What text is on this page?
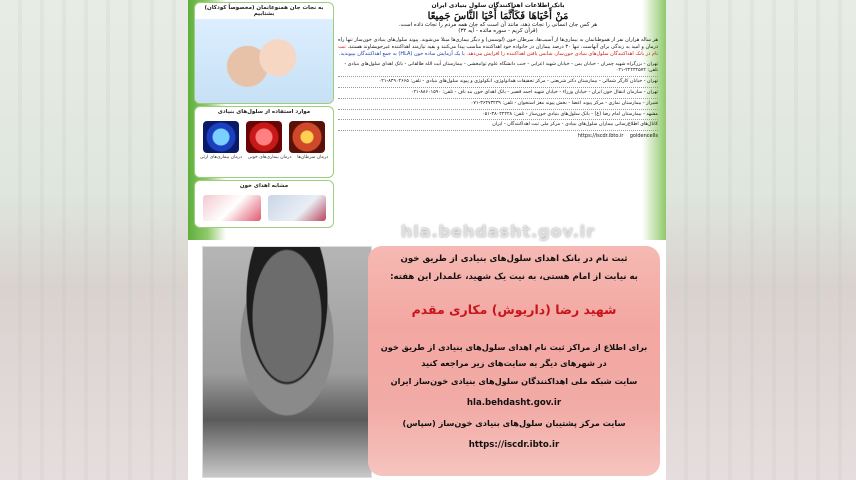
به نجات جان همنوعانمان (مخصوصاً کودکان) بشتابیم
موارد استفاده از سلول‌های بنیادی
درمان سرطان‌ها
درمان بیماری‌های خونی
درمان بیماری‌های ارثی
مشابه اهدای خون
بانک اطلاعات اهداکنندگان سلول بنیادی ایران
مَنْ أَحْيَاهَا فَكَأَنَّمَا أَحْيَا النَّاسَ جَمِيعًا
هر کس جان انسانی را نجات دهد، مانند آن است که جان همه مردم را نجات داده است.
(قرآن کریم - سوره مائده - آیه ۳۲)
هر ساله هزاران نفر از هموطنانمان به بیماری‌ها از آسیب‌ها، سرطان خون (لوسمی) و دیگر بیماری‌ها مبتلا می‌شوند. پیوند سلول‌های بنیادی خون‌ساز تنها راه درمان و امید به زندگی برای آنهاست. تنها ۳۰ درصد بیماران در خانواده خود اهداکننده مناسب پیدا می‌کنند و بقیه نیازمند اهداکننده غیرخویشاوند هستند. ثبت نام در بانک اهداکنندگان سلول‌های بنیادی خون‌ساز، شانس یافتن اهداکننده را افزایش می‌دهد. با یک آزمایش ساده خون (HLA) به جمع اهداکنندگان بپیوندید.

تهران - بزرگراه شهید چمران - خیابان یمن - خیابان شهید اعرابی - جنب دانشگاه علوم توانبخشی - بیمارستان آیت الله طالقانی - بانک اهدای سلول‌های بنیادی - تلفن: ۲۲۴۳۲۵۷۲-۰۲۱

تهران - خیابان کارگر شمالی - بیمارستان دکتر شریعتی - مرکز تحقیقات هماتولوژی، انکولوژی و پیوند سلول‌های بنیادی - تلفن: ۸۴۹۰۲۶۶۵-۰۲۱

تهران - سازمان انتقال خون ایران - خیابان وزراء - خیابان شهید احمد قصیر - بانک اهدای خون بند ناف - تلفن: ۸۸۶۰۱۵۹۰-۰۲۱

شیراز - بیمارستان نمازی - مرکز پیوند اعضا - بخش پیوند مغز استخوان - تلفن: ۳۶۴۷۳۲۳۹-۰۷۱

مشهد - بیمارستان امام رضا (ع) - بانک سلول‌های بنیادی خون‌ساز - تلفن: ۳۸۰۲۲۲۲۸-۰۵۱

کانال‌های اطلاع‌رسانی بیماران سلول‌های بنیادی - مرکز ملی ثبت اهداکنندگان - ایران

https://iscdr.ibto.ir goldencells
hla.behdasht.gov.ir
ثبت نام در بانک اهدای سلول‌های بنیادی از طریق خون
به نیابت از امام هستی، به نیت یک شهید، علمدار این هفته:
شهید رضا (داریوش) مکاری مقدم
برای اطلاع از مراکز ثبت نام اهدای سلول‌های بنیادی از طریق خون
در شهرهای دیگر به سایت‌های زیر مراجعه کنید
سایت شبکه ملی اهداکنندگان سلول‌های بنیادی خون‌ساز ایران
hla.behdasht.gov.ir
سایت مرکز پشتیبان سلول‌های بنیادی خون‌ساز (سپاس)
https://iscdr.ibto.ir
